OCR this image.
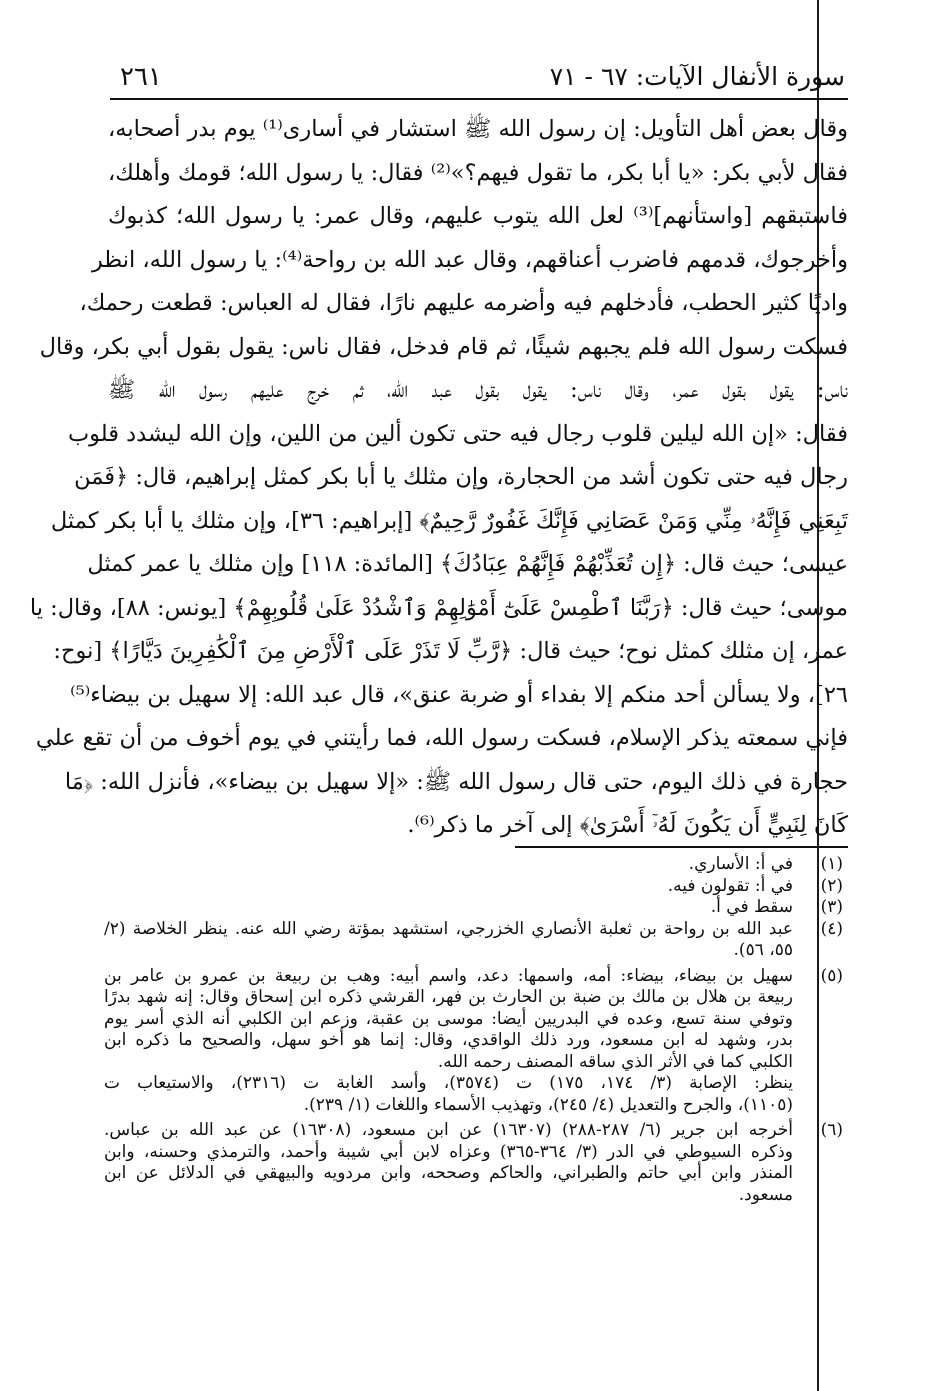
٢٦١	سورة الأنفال الآيات: ٦٧ - ٧١
وقال بعض أهل التأويل: إن رسول الله ﷺ استشار في أسارى⁽¹⁾ يوم بدر أصحابه،
فقال لأبي بكر: «يا أبا بكر، ما تقول فيهم؟»⁽²⁾ فقال: يا رسول الله؛ قومك وأهلك،
فاستبقهم [واستأنهم]⁽³⁾ لعل الله يتوب عليهم، وقال عمر: يا رسول الله؛ كذبوك
وأخرجوك، قدمهم فاضرب أعناقهم، وقال عبد الله بن رواحة⁽⁴⁾: يا رسول الله، انظر
واديًا كثير الحطب، فأدخلهم فيه وأضرمه عليهم نارًا، فقال له العباس: قطعت رحمك،
فسكت رسول الله فلم يجبهم شيئًا، ثم قام فدخل، فقال ناس: يقول بقول أبي بكر، وقال
ناس: يقول بقول عمر، وقال ناس: يقول بقول عبد الله، ثم خرج عليهم رسول الله ﷺ
فقال: «إن الله ليلين قلوب رجال فيه حتى تكون ألين من اللين، وإن الله ليشدد قلوب
رجال فيه حتى تكون أشد من الحجارة، وإن مثلك يا أبا بكر كمثل إبراهيم، قال: ﴿فَمَن
تَبِعَنِي فَإِنَّهُۥ مِنِّي وَمَنْ عَصَانِي فَإِنَّكَ غَفُورٌ رَّحِيمٌ﴾ [إبراهيم: ٣٦]، وإن مثلك يا أبا بكر كمثل
عيسى؛ حيث قال: ﴿إِن تُعَذِّبْهُمْ فَإِنَّهُمْ عِبَادُكَ﴾ [المائدة: ١١٨] وإن مثلك يا عمر كمثل
موسى؛ حيث قال: ﴿رَبَّنَا ٱطْمِسْ عَلَىٰٓ أَمْوَٰلِهِمْ وَٱشْدُدْ عَلَىٰ قُلُوبِهِمْ﴾ [يونس: ٨٨]، وقال: يا
عمر، إن مثلك كمثل نوح؛ حيث قال: ﴿رَّبِّ لَا تَذَرْ عَلَى ٱلْأَرْضِ مِنَ ٱلْكَٰفِرِينَ دَيَّارًا﴾ [نوح:
٢٦]، ولا يسألن أحد منكم إلا بفداء أو ضربة عنق»، قال عبد الله: إلا سهيل بن بيضاء⁽⁵⁾
فإني سمعته يذكر الإسلام، فسكت رسول الله، فما رأيتني في يوم أخوف من أن تقع علي
حجارة في ذلك اليوم، حتى قال رسول الله ﷺ: «إلا سهيل بن بيضاء»، فأنزل الله: ﴿مَا
كَانَ لِنَبِيٍّ أَن يَكُونَ لَهُۥٓ أَسْرَىٰ﴾ إلى آخر ما ذكر⁽⁶⁾.
(١)
في أ: الأساري.
(٢)
في أ: تقولون فيه.
(٣)
سقط في أ.
(٤)
عبد الله بن رواحة بن ثعلبة الأنصاري الخزرجي، استشهد بمؤتة رضي الله عنه. ينظر الخلاصة (٢/
٥٥، ٥٦).
(٥)
سهيل بن بيضاء، بيضاء: أمه، واسمها: دعد، واسم أبيه: وهب بن ربيعة بن عمرو بن عامر بن
ربيعة بن هلال بن مالك بن ضبة بن الحارث بن فهر، القرشي ذكره ابن إسحاق وقال: إنه شهد بدرًا
وتوفي سنة تسع، وعده في البدريين أيضا: موسى بن عقبة، وزعم ابن الكلبي أنه الذي أسر يوم
بدر، وشهد له ابن مسعود، ورد ذلك الواقدي، وقال: إنما هو أخو سهل، والصحيح ما ذكره ابن
الكلبي كما في الأثر الذي ساقه المصنف رحمه الله.
ينظر: الإصابة (٣/ ١٧٤، ١٧٥) ت (٣٥٧٤)، وأسد الغابة ت (٢٣١٦)، والاستيعاب ت
(١١٠٥)، والجرح والتعديل (٤/ ٢٤٥)، وتهذيب الأسماء واللغات (١/ ٢٣٩).
(٦)
أخرجه ابن جرير (٦/ ٢٨٧-٢٨٨) (١٦٣٠٧) عن ابن مسعود، (١٦٣٠٨) عن عبد الله بن عباس.
وذكره السيوطي في الدر (٣/ ٣٦٤-٣٦٥) وعزاه لابن أبي شيبة وأحمد، والترمذي وحسنه، وابن
المنذر وابن أبي حاتم والطبراني، والحاكم وصححه، وابن مردويه والبيهقي في الدلائل عن ابن
مسعود.
